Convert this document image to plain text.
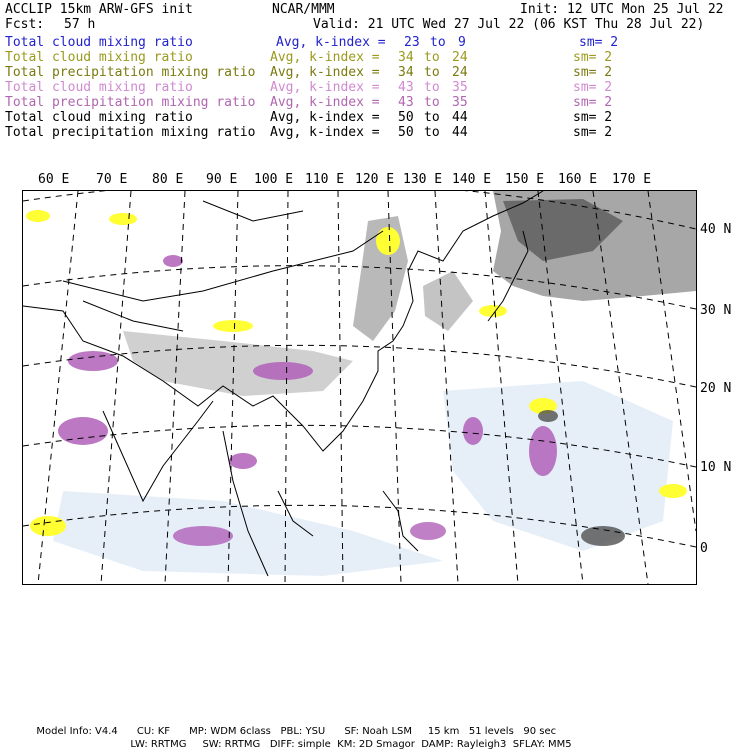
ACCLIP 15km ARW-GFS init	NCAR/MMM	Init: 12 UTC Mon 25 Jul 22
Fcst: 57 h	Valid: 21 UTC Wed 27 Jul 22 (06 KST Thu 28 Jul 22)
Total cloud mixing ratio	Avg, k-index = 23 to 9	sm= 2
Total cloud mixing ratio	Avg, k-index = 34 to 24	sm= 2
Total precipitation mixing ratio Avg, k-index = 34 to 24	sm= 2
Total cloud mixing ratio	Avg, k-index = 43 to 35	sm= 2
Total precipitation mixing ratio Avg, k-index = 43 to 35	sm= 2
Total cloud mixing ratio	Avg, k-index = 50 to 44	sm= 2
Total precipitation mixing ratio Avg, k-index = 50 to 44	sm= 2
60 E 70 E 80 E 90 E 100 E 110 E 120 E 130 E 140 E 150 E 160 E 170 E
40 N
30 N
20 N
10 N
0

Model Info: V4.4 CU: KF MP: WDM 6class PBL: YSU SF: Noah LSM 15 km 51 levels 90 sec

LW: RRTMG SW: RRTMG DIFF: simple KM: 2D Smagor DAMP: Rayleigh3 SFLAY: MM5
